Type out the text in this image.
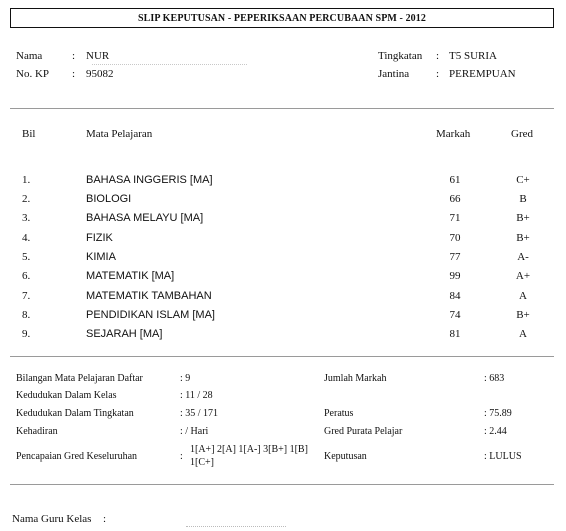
SLIP KEPUTUSAN - PEPERIKSAAN PERCUBAAN SPM - 2012
Nama	: NUR
No. KP : 95082
Tingkatan : T5 SURIA
Jantina : PEREMPUAN
Bil	Mata Pelajaran	Markah	Gred
1.	BAHASA INGGERIS [MA]	61	C+
2.	BIOLOGI	66	B
3.	BAHASA MELAYU [MA]	71	B+
4.	FIZIK	70	B+
5.	KIMIA	77	A-
6.	MATEMATIK [MA]	99	A+
7.	MATEMATIK TAMBAHAN	84	A
8.	PENDIDIKAN ISLAM [MA]	74	B+
9.	SEJARAH [MA]	81	A
Bilangan Mata Pelajaran Daftar	: 9
Kedudukan Dalam Kelas	: 11 / 28
Kedudukan Dalam Tingkatan	: 35 / 171
Kehadiran	: / Hari
Pencapaian Gred Keseluruhan	:
1[A+] 2[A] 1[A-] 3[B+] 1[B]
1[C+]
Jumlah Markah	: 683
Peratus	: 75.89
Gred Purata Pelajar	: 2.44
Keputusan	: LULUS
Nama Guru Kelas :
